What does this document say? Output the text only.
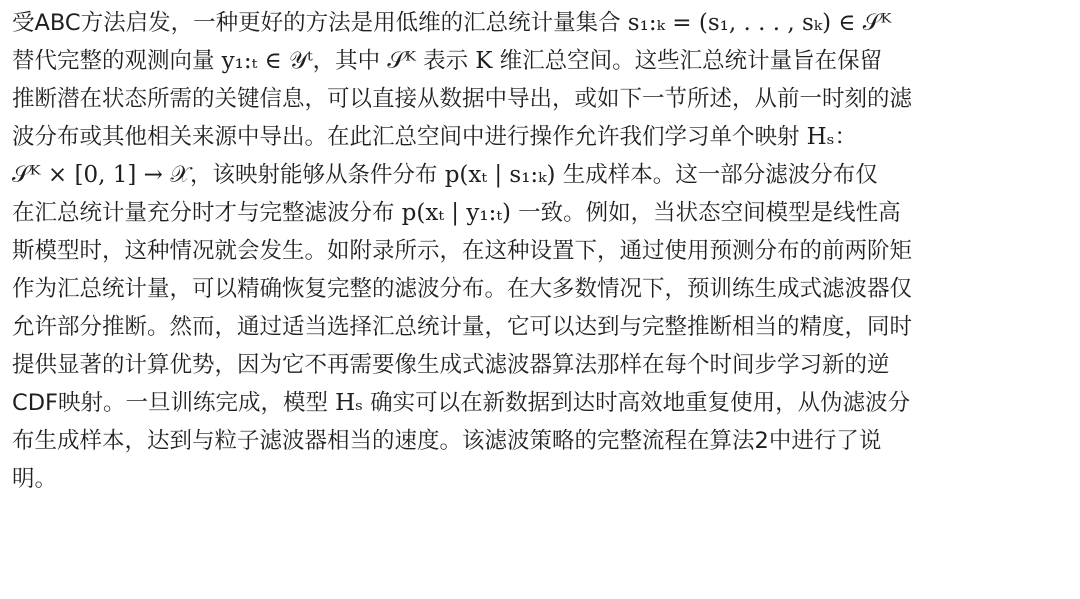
受ABC方法启发，一种更好的方法是用低维的汇总统计量集合 s₁:ₖ = (s₁, . . . , sₖ) ∈ 𝒮ᴷ
替代完整的观测向量 y₁:ₜ ∈ 𝒴ᵗ，其中 𝒮ᴷ 表示 K 维汇总空间。这些汇总统计量旨在保留
推断潜在状态所需的关键信息，可以直接从数据中导出，或如下一节所述，从前一时刻的滤
波分布或其他相关来源中导出。在此汇总空间中进行操作允许我们学习单个映射 Hₛ：
𝒮ᴷ × [0, 1] → 𝒳，该映射能够从条件分布 p(xₜ | s₁:ₖ) 生成样本。这一部分滤波分布仅
在汇总统计量充分时才与完整滤波分布 p(xₜ | y₁:ₜ) 一致。例如，当状态空间模型是线性高
斯模型时，这种情况就会发生。如附录所示，在这种设置下，通过使用预测分布的前两阶矩
作为汇总统计量，可以精确恢复完整的滤波分布。在大多数情况下，预训练生成式滤波器仅
允许部分推断。然而，通过适当选择汇总统计量，它可以达到与完整推断相当的精度，同时
提供显著的计算优势，因为它不再需要像生成式滤波器算法那样在每个时间步学习新的逆
CDF映射。一旦训练完成，模型 Hₛ 确实可以在新数据到达时高效地重复使用，从伪滤波分
布生成样本，达到与粒子滤波器相当的速度。该滤波策略的完整流程在算法2中进行了说
明。
